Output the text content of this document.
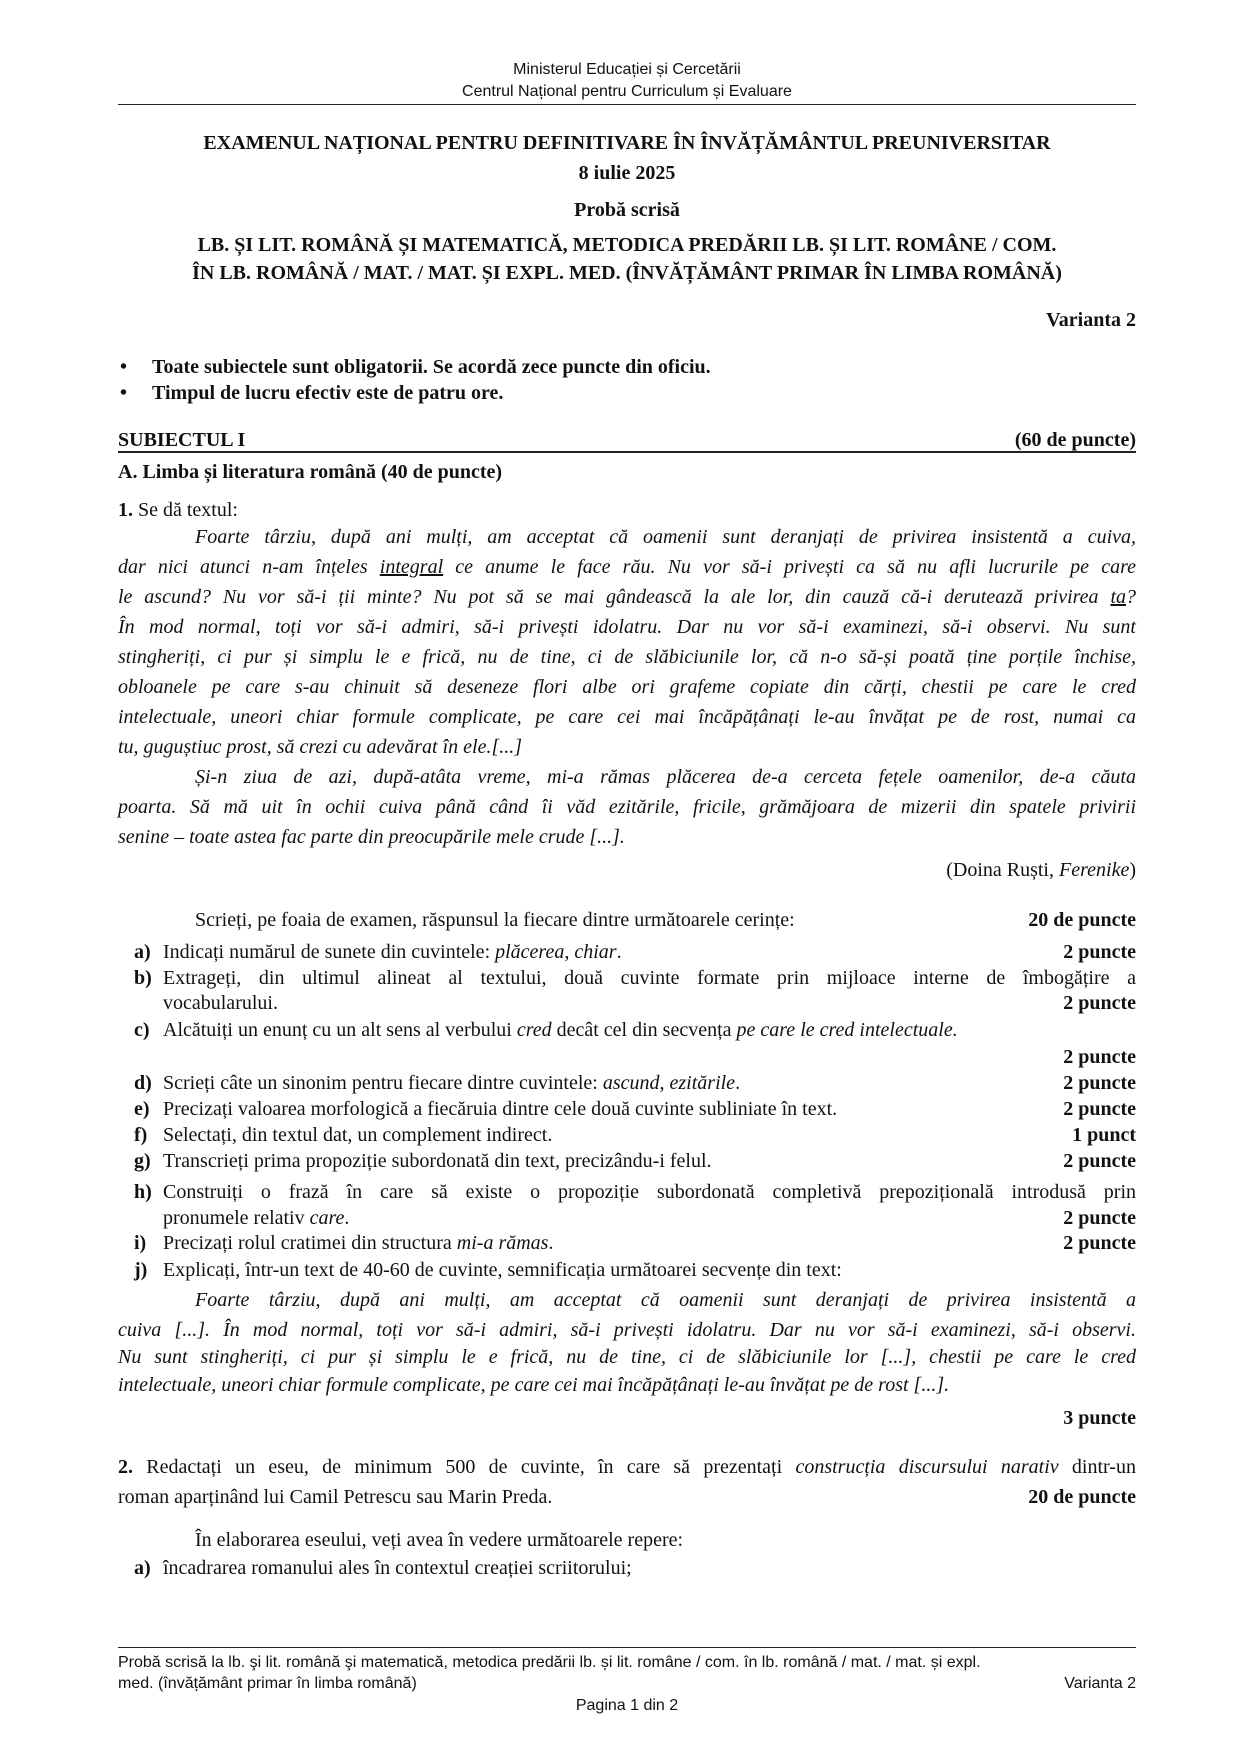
Ministerul Educației și Cercetării
Centrul Național pentru Curriculum și Evaluare
EXAMENUL NAȚIONAL PENTRU DEFINITIVARE ÎN ÎNVĂȚĂMÂNTUL PREUNIVERSITAR
8 iulie 2025
Probă scrisă
LB. ȘI LIT. ROMÂNĂ ȘI MATEMATICĂ, METODICA PREDĂRII LB. ȘI LIT. ROMÂNE / COM.
ÎN LB. ROMÂNĂ / MAT. / MAT. ȘI EXPL. MED. (ÎNVĂȚĂMÂNT PRIMAR ÎN LIMBA ROMÂNĂ)
Varianta 2
• Toate subiectele sunt obligatorii. Se acordă zece puncte din oficiu.
• Timpul de lucru efectiv este de patru ore.
SUBIECTUL I	(60 de puncte)
A. Limba și literatura română (40 de puncte)
1. Se dă textul:
Foarte târziu, după ani mulți, am acceptat că oamenii sunt deranjați de privirea insistentă a cuiva,
dar nici atunci n-am înțeles integral ce anume le face rău. Nu vor să-i privești ca să nu afli lucrurile pe care
le ascund? Nu vor să-i ții minte? Nu pot să se mai gândească la ale lor, din cauză că-i derutează privirea ta?
În mod normal, toți vor să-i admiri, să-i privești idolatru. Dar nu vor să-i examinezi, să-i observi. Nu sunt
stingheriți, ci pur și simplu le e frică, nu de tine, ci de slăbiciunile lor, că n-o să-și poată ține porțile închise,
obloanele pe care s-au chinuit să deseneze flori albe ori grafeme copiate din cărți, chestii pe care le cred
intelectuale, uneori chiar formule complicate, pe care cei mai încăpățânați le-au învățat pe de rost, numai ca
tu, guguștiuc prost, să crezi cu adevărat în ele.[...]
Și-n ziua de azi, după-atâta vreme, mi-a rămas plăcerea de-a cerceta fețele oamenilor, de-a căuta
poarta. Să mă uit în ochii cuiva până când îi văd ezitările, fricile, grămăjoara de mizerii din spatele privirii
senine – toate astea fac parte din preocupările mele crude [...].
(Doina Ruști, Ferenike)
Scrieți, pe foaia de examen, răspunsul la fiecare dintre următoarele cerințe:	20 de puncte
a) Indicați numărul de sunete din cuvintele: plăcerea, chiar.	2 puncte
b) Extrageți, din ultimul alineat al textului, două cuvinte formate prin mijloace interne de îmbogățire a
vocabularului.	2 puncte
c) Alcătuiți un enunț cu un alt sens al verbului cred decât cel din secvența pe care le cred intelectuale.
2 puncte
d) Scrieți câte un sinonim pentru fiecare dintre cuvintele: ascund, ezitările.	2 puncte
e) Precizați valoarea morfologică a fiecăruia dintre cele două cuvinte subliniate în text.	2 puncte
f) Selectați, din textul dat, un complement indirect.	1 punct
g) Transcrieți prima propoziție subordonată din text, precizându-i felul.	2 puncte
h) Construiți o frază în care să existe o propoziție subordonată completivă prepozițională introdusă prin
pronumele relativ care.	2 puncte
i) Precizați rolul cratimei din structura mi-a rămas.	2 puncte
j) Explicați, într-un text de 40-60 de cuvinte, semnificația următoarei secvențe din text:
Foarte târziu, după ani mulți, am acceptat că oamenii sunt deranjați de privirea insistentă a
cuiva [...]. În mod normal, toți vor să-i admiri, să-i privești idolatru. Dar nu vor să-i examinezi, să-i observi.
Nu sunt stingheriți, ci pur și simplu le e frică, nu de tine, ci de slăbiciunile lor [...], chestii pe care le cred
intelectuale, uneori chiar formule complicate, pe care cei mai încăpățânați le-au învățat pe de rost [...].
3 puncte
2. Redactați un eseu, de minimum 500 de cuvinte, în care să prezentați construcția discursului narativ dintr-un
roman aparținând lui Camil Petrescu sau Marin Preda.	20 de puncte
În elaborarea eseului, veți avea în vedere următoarele repere:
a) încadrarea romanului ales în contextul creației scriitorului;
Probă scrisă la lb. şi lit. română şi matematică, metodica predării lb. și lit. române / com. în lb. română / mat. / mat. și expl.
med. (învățământ primar în limba română)	Varianta 2
Pagina 1 din 2
